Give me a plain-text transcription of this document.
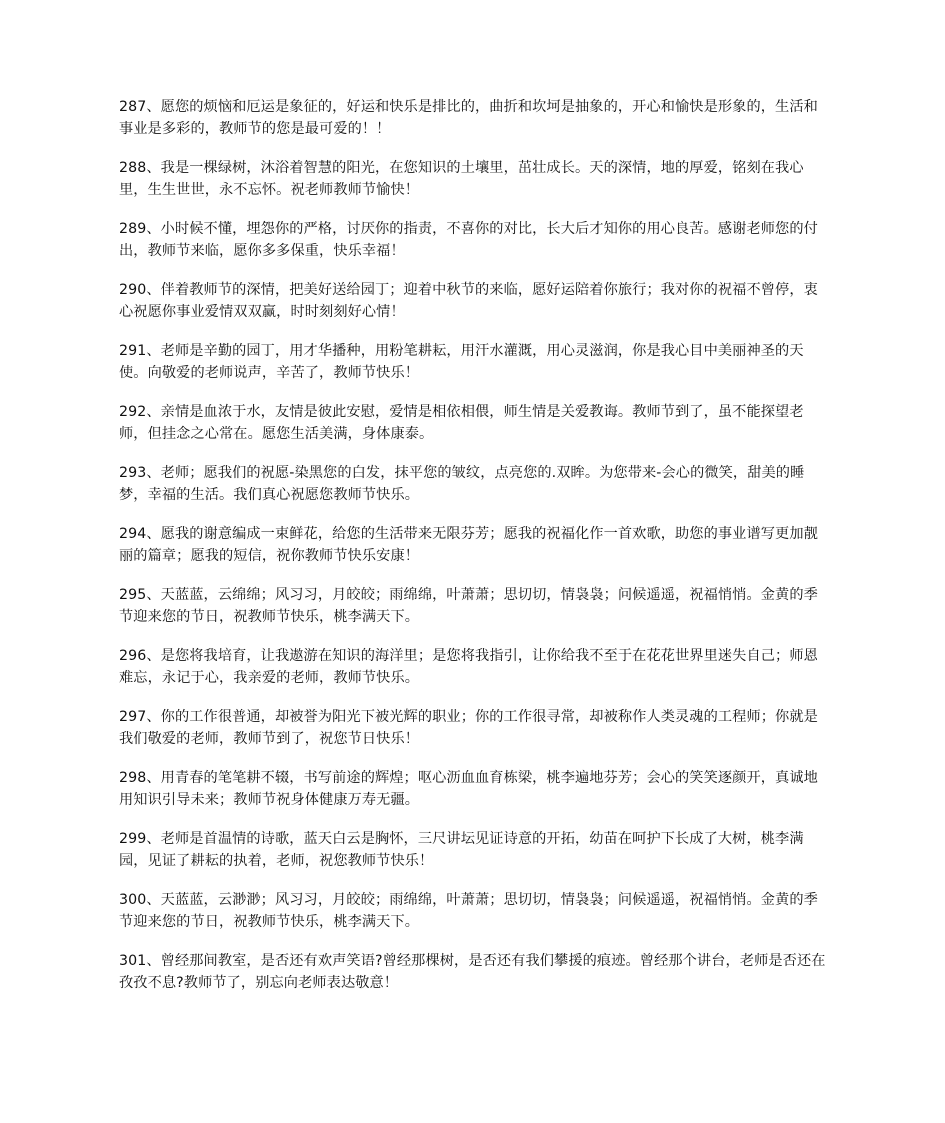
287、愿您的烦恼和厄运是象征的，好运和快乐是排比的，曲折和坎坷是抽象的，开心和愉快是形象的，生活和事业是多彩的，教师节的您是最可爱的！！

288、我是一棵绿树，沐浴着智慧的阳光，在您知识的土壤里，茁壮成长。天的深情，地的厚爱，铭刻在我心里，生生世世，永不忘怀。祝老师教师节愉快！

289、小时候不懂，埋怨你的严格，讨厌你的指责，不喜你的对比，长大后才知你的用心良苦。感谢老师您的付出，教师节来临，愿你多多保重，快乐幸福！

290、伴着教师节的深情，把美好送给园丁；迎着中秋节的来临，愿好运陪着你旅行；我对你的祝福不曾停，衷心祝愿你事业爱情双双赢，时时刻刻好心情！

291、老师是辛勤的园丁，用才华播种，用粉笔耕耘，用汗水灌溉，用心灵滋润，你是我心目中美丽神圣的天使。向敬爱的老师说声，辛苦了，教师节快乐！

292、亲情是血浓于水，友情是彼此安慰，爱情是相依相偎，师生情是关爱教诲。教师节到了，虽不能探望老师，但挂念之心常在。愿您生活美满，身体康泰。

293、老师；愿我们的祝愿-染黑您的白发，抹平您的皱纹，点亮您的.双眸。为您带来-会心的微笑，甜美的睡梦，幸福的生活。我们真心祝愿您教师节快乐。

294、愿我的谢意编成一束鲜花，给您的生活带来无限芬芳；愿我的祝福化作一首欢歌，助您的事业谱写更加靓丽的篇章；愿我的短信，祝你教师节快乐安康！

295、天蓝蓝，云绵绵；风习习，月皎皎；雨绵绵，叶萧萧；思切切，情袅袅；问候遥遥，祝福悄悄。金黄的季节迎来您的节日，祝教师节快乐，桃李满天下。

296、是您将我培育，让我遨游在知识的海洋里；是您将我指引，让你给我不至于在花花世界里迷失自己；师恩难忘，永记于心，我亲爱的老师，教师节快乐。

297、你的工作很普通，却被誉为阳光下被光辉的职业；你的工作很寻常，却被称作人类灵魂的工程师；你就是我们敬爱的老师，教师节到了，祝您节日快乐！

298、用青春的笔笔耕不辍，书写前途的辉煌；呕心沥血血育栋梁，桃李遍地芬芳；会心的笑笑逐颜开，真诚地用知识引导未来；教师节祝身体健康万寿无疆。

299、老师是首温情的诗歌，蓝天白云是胸怀，三尺讲坛见证诗意的开拓，幼苗在呵护下长成了大树，桃李满园，见证了耕耘的执着，老师，祝您教师节快乐！

300、天蓝蓝，云渺渺；风习习，月皎皎；雨绵绵，叶萧萧；思切切，情袅袅；问候遥遥，祝福悄悄。金黄的季节迎来您的节日，祝教师节快乐，桃李满天下。

301、曾经那间教室，是否还有欢声笑语?曾经那棵树，是否还有我们攀援的痕迹。曾经那个讲台，老师是否还在孜孜不息?教师节了，别忘向老师表达敬意！
